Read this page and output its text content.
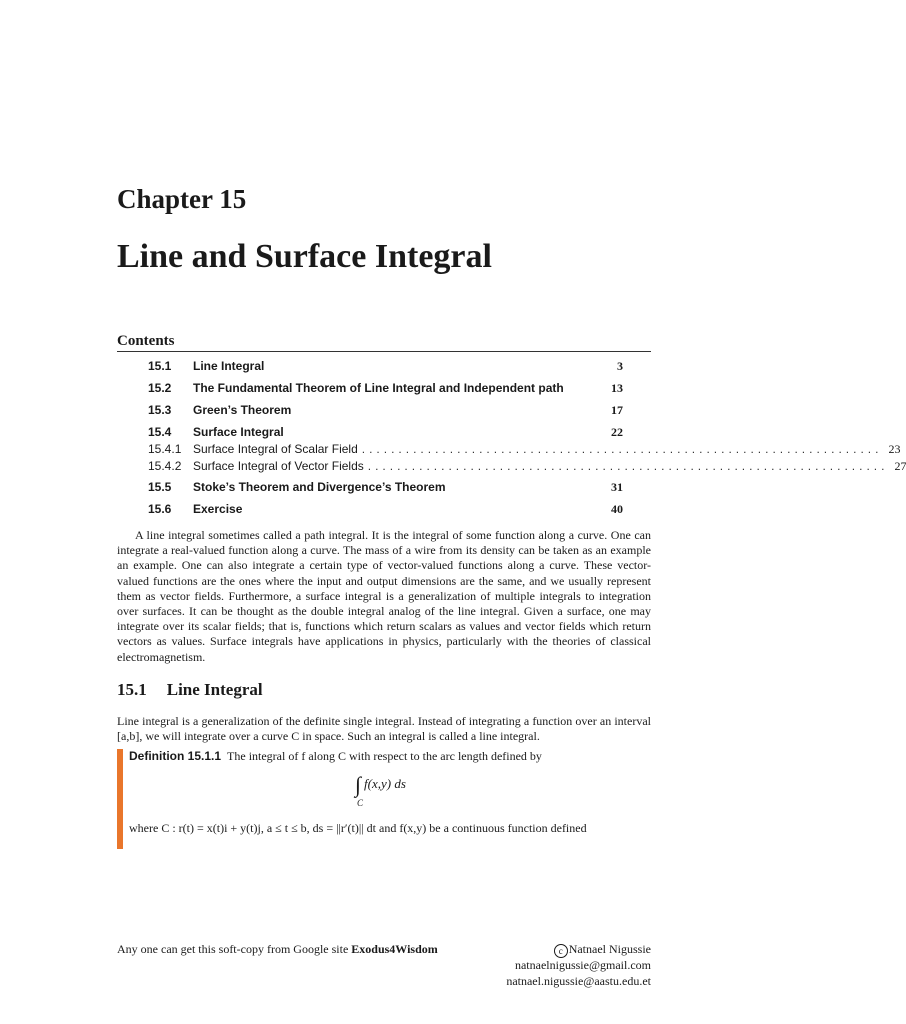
Chapter 15
Line and Surface Integral
Contents
15.1	Line Integral	3
15.2	The Fundamental Theorem of Line Integral and Independent path	13
15.3	Green’s Theorem	17
15.4	Surface Integral	22
15.4.1 Surface Integral of Scalar Field ....................................................................... 23
15.4.2 Surface Integral of Vector Fields ....................................................................... 27
15.5	Stoke’s Theorem and Divergence’s Theorem	31
15.6	Exercise	40
A line integral sometimes called a path integral. It is the integral of some function along a curve. One can integrate a real-valued function along a curve. The mass of a wire from its density can be taken as an example an example. One can also integrate a certain type of vector-valued functions along a curve. These vector-valued functions are the ones where the input and output dimensions are the same, and we usually represent them as vector fields. Furthermore, a surface integral is a generalization of multiple integrals to integration over surfaces. It can be thought as the double integral analog of the line integral. Given a surface, one may integrate over its scalar fields; that is, functions which return scalars as values and vector fields which return vectors as values. Surface integrals have applications in physics, particularly with the theories of classical electromagnetism.
15.1 Line Integral
Line integral is a generalization of the definite single integral. Instead of integrating a function over an interval [a,b], we will integrate over a curve C in space. Such an integral is called a line integral.
Definition 15.1.1 The integral of f along C with respect to the arc length defined by
∫ f(x,y) ds
C
where C : r(t) = x(t)i + y(t)j, a ≤ t ≤ b, ds = ||r′(t)|| dt and f(x,y) be a continuous function defined
Any one can get this soft-copy from Google site Exodus4Wisdom	c Natnael Nigussie
natnaelnigussie@gmail.com
natnael.nigussie@aastu.edu.et
